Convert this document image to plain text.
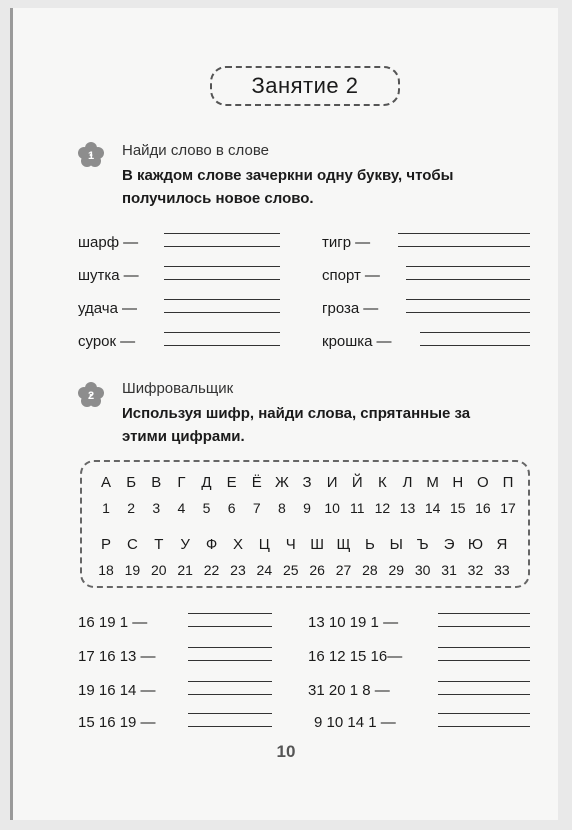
Занятие 2
1 Найди слово в слове
В каждом слове зачеркни одну букву, чтобы
получилось новое слово.
шарф —
шутка —
удача —
сурок —
тигр —
спорт —
гроза —
крошка —
2 Шифровальщик
Используя шифр, найди слова, спрятанные за
этими цифрами.
А	Б	В	Г	Д	Е	Ё Ж З	И Й	К	Л М Н О П
1	2	3	4	5	6	7	8	9 10 11 12 13 14 15 16 17
Р	С	Т	У	Ф	Х	Ц	Ч Ш Щ Ь Ы Ъ	Э Ю Я
18 19 20 21 22 23 24 25 26 27 28 29 30 31 32 33
16 19 1 —
17 16 13 —
19 16 14 —
15 16 19 —
13 10 19 1 —
16 12 15 16—
31 20 1 8 —
9 10 14 1 —
10
